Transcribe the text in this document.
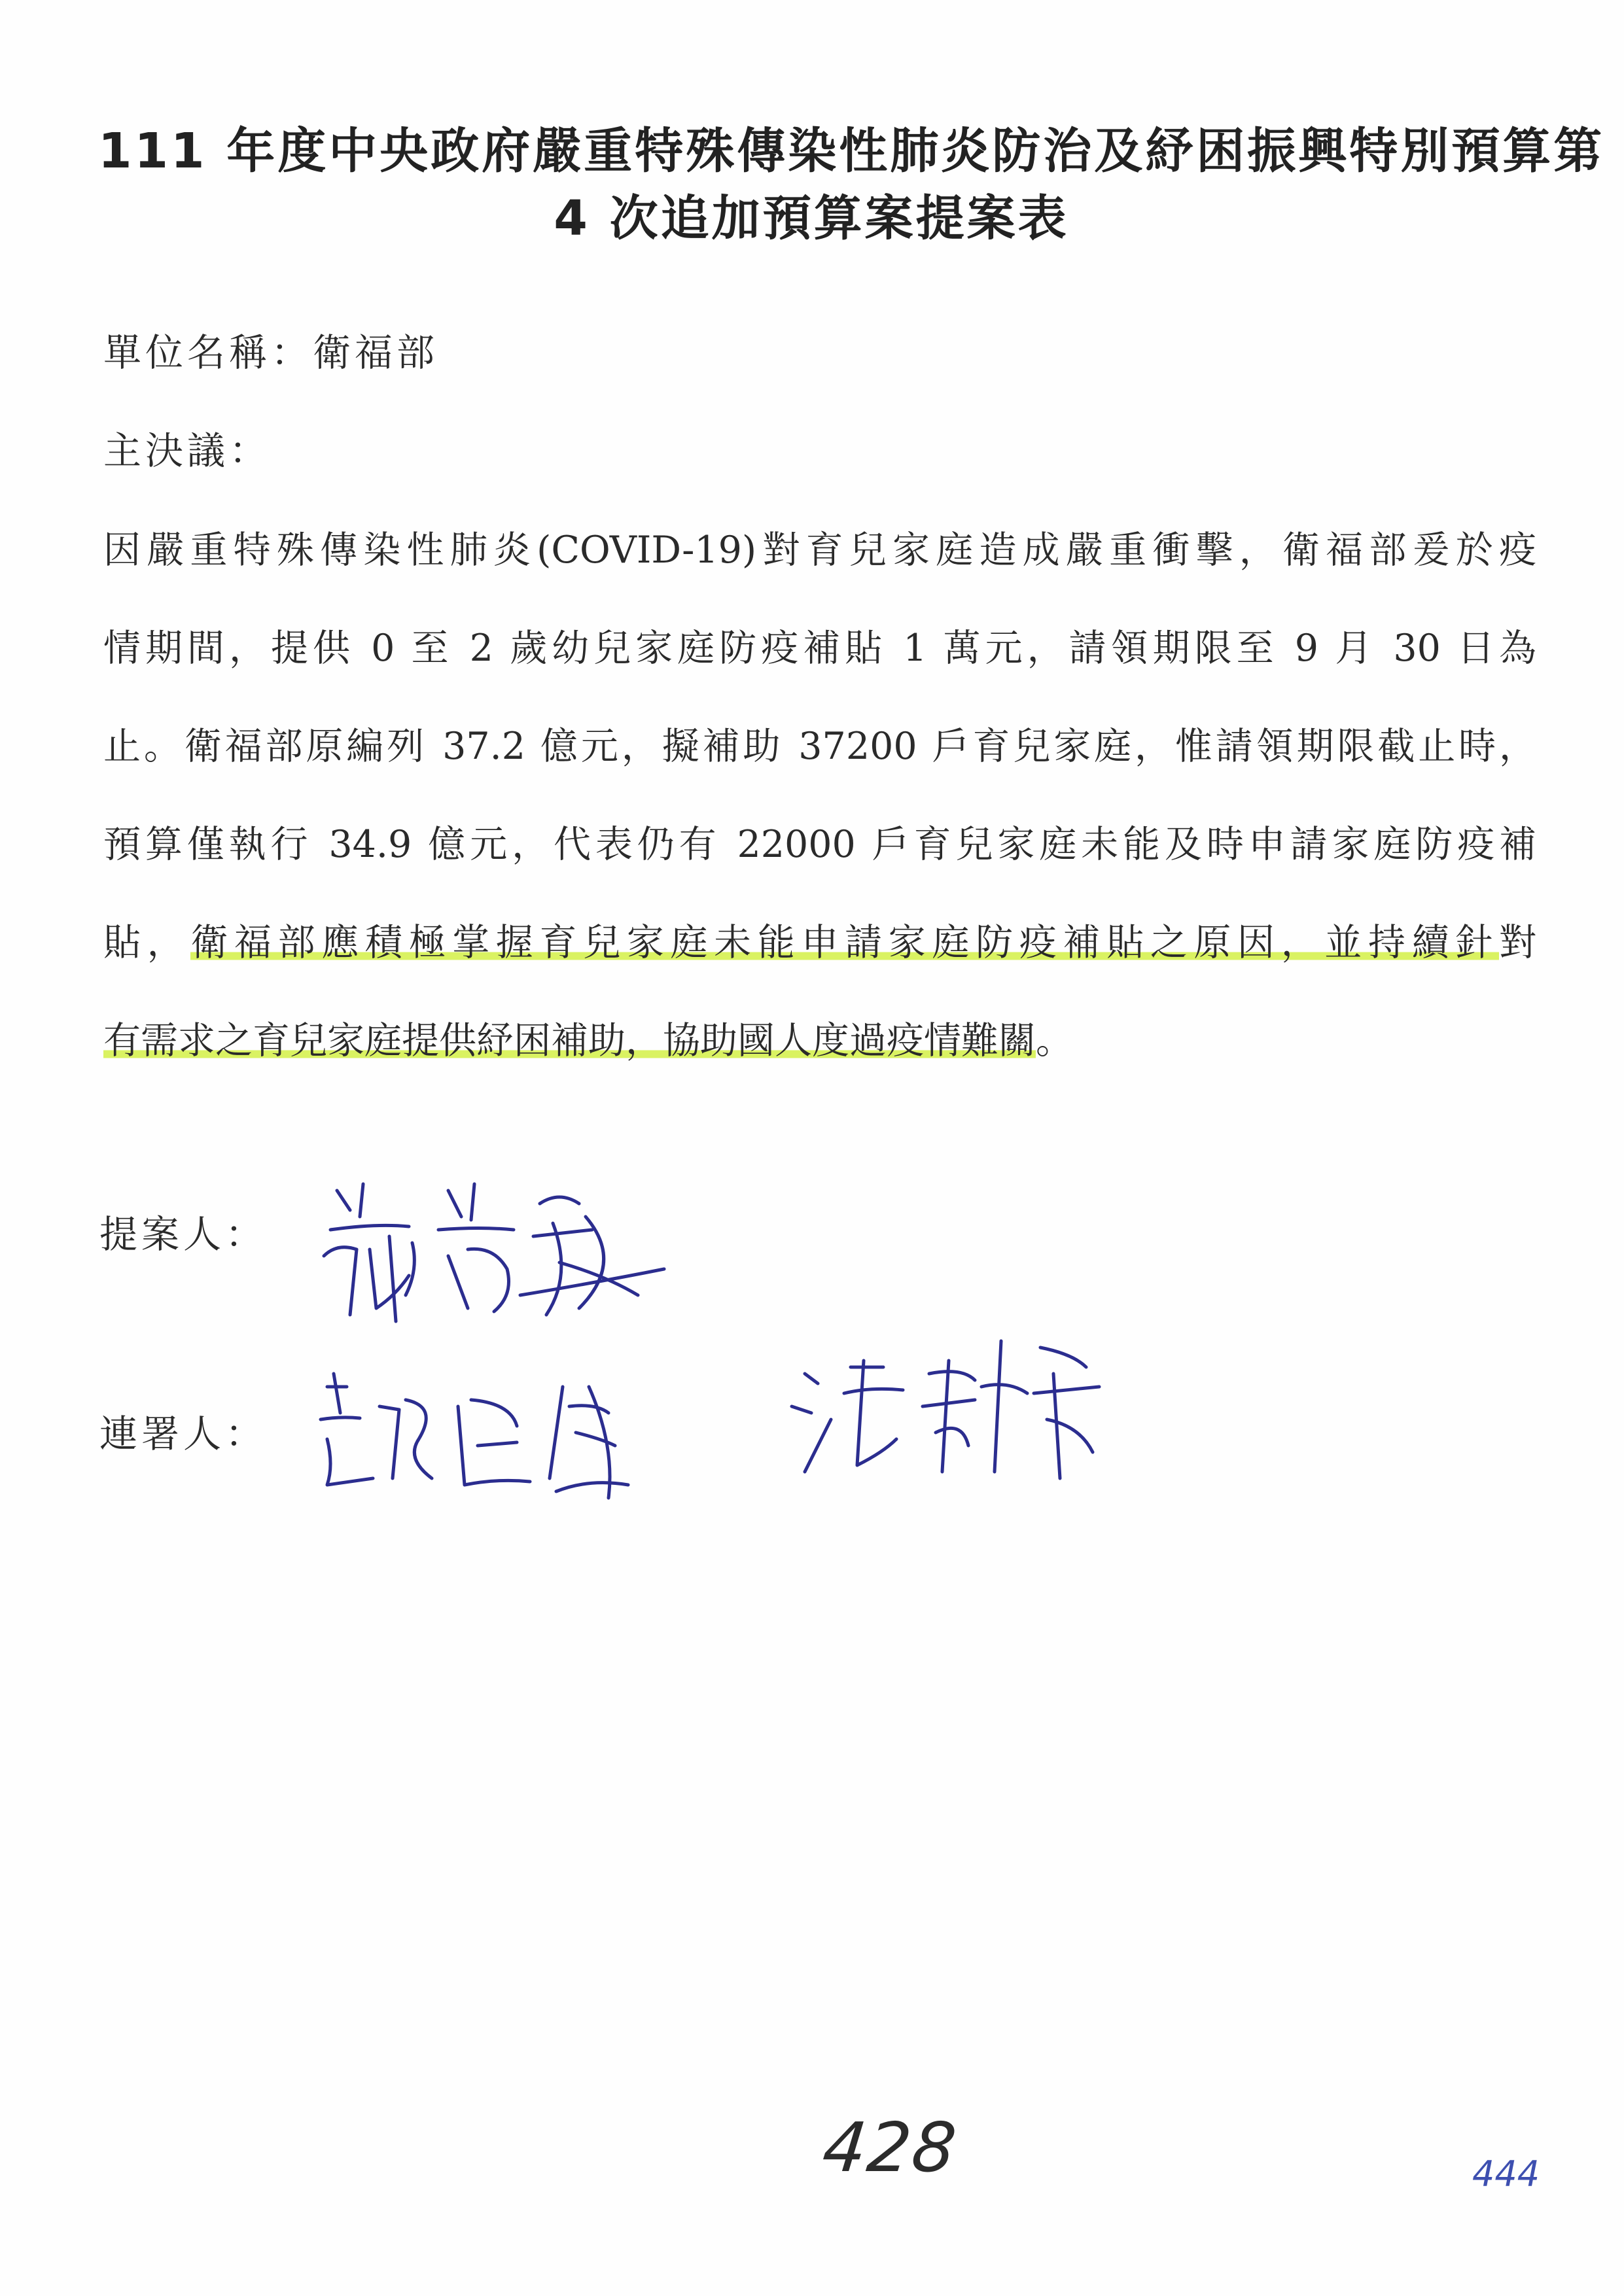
111 年度中央政府嚴重特殊傳染性肺炎防治及紓困振興特別預算第
4 次追加預算案提案表
單位名稱：衛福部
主決議：
因嚴重特殊傳染性肺炎(COVID-19)對育兒家庭造成嚴重衝擊，衛福部爰於疫
情期間，提供 0 至 2 歲幼兒家庭防疫補貼 1 萬元，請領期限至 9 月 30 日為
止。衛福部原編列 37.2 億元，擬補助 37200 戶育兒家庭，惟請領期限截止時，
預算僅執行 34.9 億元，代表仍有 22000 戶育兒家庭未能及時申請家庭防疫補
貼，衛福部應積極掌握育兒家庭未能申請家庭防疫補貼之原因，並持續針對
有需求之育兒家庭提供紓困補助，協助國人度過疫情難關。
提案人：
連署人：
428	444
